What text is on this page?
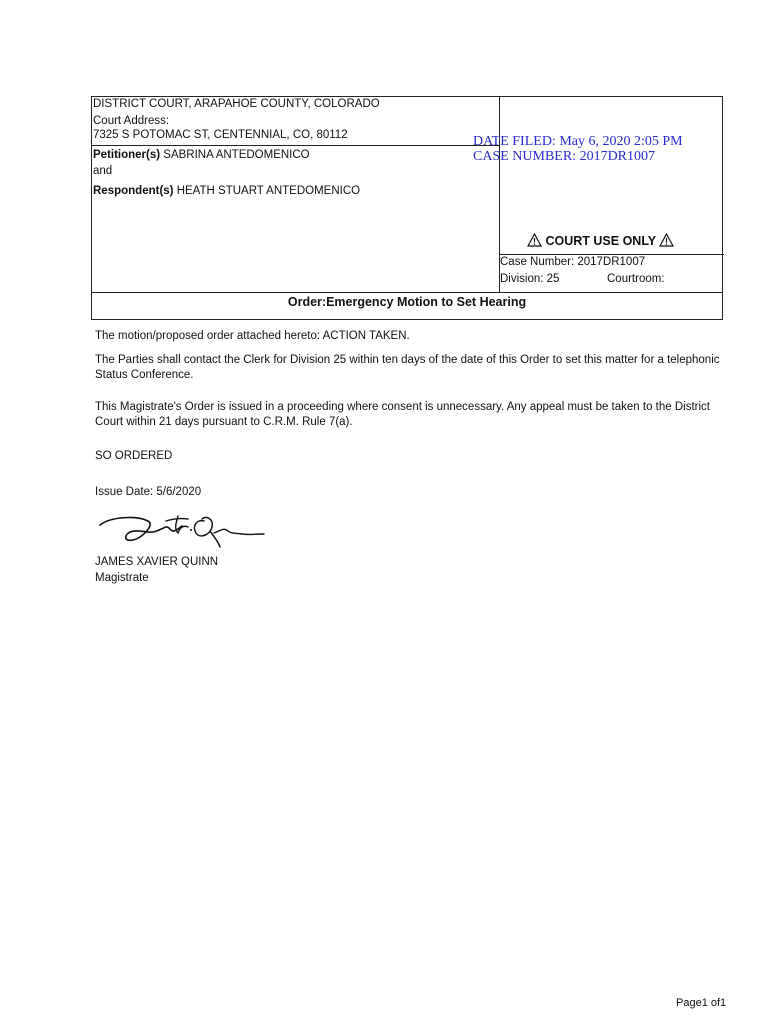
DISTRICT COURT, ARAPAHOE COUNTY, COLORADO
Court Address:
7325 S POTOMAC ST, CENTENNIAL, CO, 80112
Petitioner(s) SABRINA ANTEDOMENICO
and
Respondent(s) HEATH STUART ANTEDOMENICO
COURT USE ONLY
Case Number: 2017DR1007
Division: 25	Courtroom:
Order:Emergency Motion to Set Hearing
DATE FILED: May 6, 2020 2:05 PM
CASE NUMBER: 2017DR1007
The motion/proposed order attached hereto: ACTION TAKEN.
The Parties shall contact the Clerk for Division 25 within ten days of the date of this Order to set this matter for a telephonic
Status Conference.
This Magistrate's Order is issued in a proceeding where consent is unnecessary. Any appeal must be taken to the District
Court within 21 days pursuant to C.R.M. Rule 7(a).
SO ORDERED
Issue Date: 5/6/2020
JAMES XAVIER QUINN
Magistrate
Page1 of1
